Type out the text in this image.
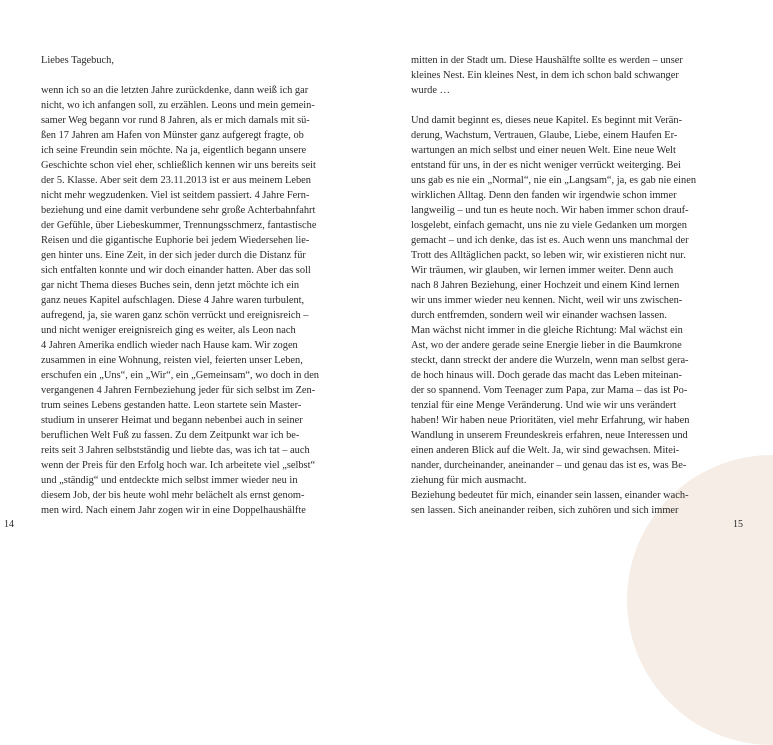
Liebes Tagebuch,
wenn ich so an die letzten Jahre zurückdenke, dann weiß ich gar
nicht, wo ich anfangen soll, zu erzählen. Leons und mein gemein-
samer Weg begann vor rund 8 Jahren, als er mich damals mit sü-
ßen 17 Jahren am Hafen von Münster ganz aufgeregt fragte, ob
ich seine Freundin sein möchte. Na ja, eigentlich begann unsere
Geschichte schon viel eher, schließlich kennen wir uns bereits seit
der 5. Klasse. Aber seit dem 23.11.2013 ist er aus meinem Leben
nicht mehr wegzudenken. Viel ist seitdem passiert. 4 Jahre Fern-
beziehung und eine damit verbundene sehr große Achterbahnfahrt
der Gefühle, über Liebeskummer, Trennungsschmerz, fantastische
Reisen und die gigantische Euphorie bei jedem Wiedersehen lie-
gen hinter uns. Eine Zeit, in der sich jeder durch die Distanz für
sich entfalten konnte und wir doch einander hatten. Aber das soll
gar nicht Thema dieses Buches sein, denn jetzt möchte ich ein
ganz neues Kapitel aufschlagen. Diese 4 Jahre waren turbulent,
aufregend, ja, sie waren ganz schön verrückt und ereignisreich –
und nicht weniger ereignisreich ging es weiter, als Leon nach
4 Jahren Amerika endlich wieder nach Hause kam. Wir zogen
zusammen in eine Wohnung, reisten viel, feierten unser Leben,
erschufen ein „Uns“, ein „Wir“, ein „Gemeinsam“, wo doch in den
vergangenen 4 Jahren Fernbeziehung jeder für sich selbst im Zen-
trum seines Lebens gestanden hatte. Leon startete sein Master-
studium in unserer Heimat und begann nebenbei auch in seiner
beruflichen Welt Fuß zu fassen. Zu dem Zeitpunkt war ich be-
reits seit 3 Jahren selbstständig und liebte das, was ich tat – auch
wenn der Preis für den Erfolg hoch war. Ich arbeitete viel „selbst“
und „ständig“ und entdeckte mich selbst immer wieder neu in
diesem Job, der bis heute wohl mehr belächelt als ernst genom-
men wird. Nach einem Jahr zogen wir in eine Doppelhaushälfte
14
mitten in der Stadt um. Diese Haushälfte sollte es werden – unser
kleines Nest. Ein kleines Nest, in dem ich schon bald schwanger
wurde …
Und damit beginnt es, dieses neue Kapitel. Es beginnt mit Verän-
derung, Wachstum, Vertrauen, Glaube, Liebe, einem Haufen Er-
wartungen an mich selbst und einer neuen Welt. Eine neue Welt
entstand für uns, in der es nicht weniger verrückt weiterging. Bei
uns gab es nie ein „Normal“, nie ein „Langsam“, ja, es gab nie einen
wirklichen Alltag. Denn den fanden wir irgendwie schon immer
langweilig – und tun es heute noch. Wir haben immer schon drauf-
losgelebt, einfach gemacht, uns nie zu viele Gedanken um morgen
gemacht – und ich denke, das ist es. Auch wenn uns manchmal der
Trott des Alltäglichen packt, so leben wir, wir existieren nicht nur.
Wir träumen, wir glauben, wir lernen immer weiter. Denn auch
nach 8 Jahren Beziehung, einer Hochzeit und einem Kind lernen
wir uns immer wieder neu kennen. Nicht, weil wir uns zwischen-
durch entfremden, sondern weil wir einander wachsen lassen.
Man wächst nicht immer in die gleiche Richtung: Mal wächst ein
Ast, wo der andere gerade seine Energie lieber in die Baumkrone
steckt, dann streckt der andere die Wurzeln, wenn man selbst gera-
de hoch hinaus will. Doch gerade das macht das Leben miteinan-
der so spannend. Vom Teenager zum Papa, zur Mama – das ist Po-
tenzial für eine Menge Veränderung. Und wie wir uns verändert
haben! Wir haben neue Prioritäten, viel mehr Erfahrung, wir haben
Wandlung in unserem Freundeskreis erfahren, neue Interessen und
einen anderen Blick auf die Welt. Ja, wir sind gewachsen. Mitei-
nander, durcheinander, aneinander – und genau das ist es, was Be-
ziehung für mich ausmacht.
Beziehung bedeutet für mich, einander sein lassen, einander wach-
sen lassen. Sich aneinander reiben, sich zuhören und sich immer
15
